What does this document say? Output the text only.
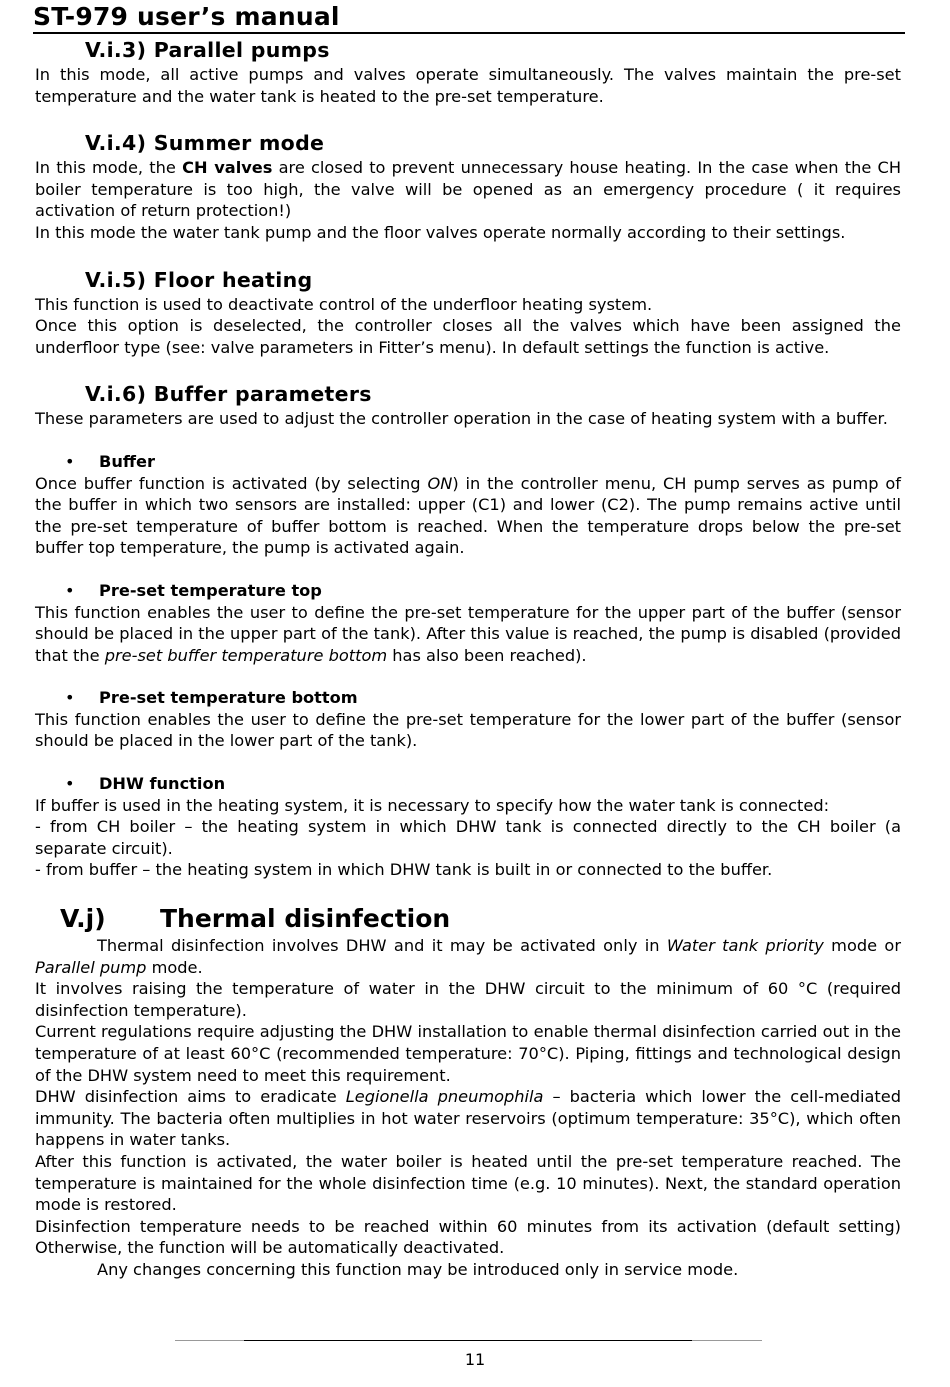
ST-979 user’s manual
V.i.3) Parallel pumps

In this mode, all active pumps and valves operate simultaneously. The valves maintain the pre-set temperature and the water tank is heated to the pre-set temperature.

V.i.4) Summer mode

In this mode, the CH valves are closed to prevent unnecessary house heating. In the case when the CH boiler temperature is too high, the valve will be opened as an emergency procedure ( it requires activation of return protection!)

In this mode the water tank pump and the floor valves operate normally according to their settings.

V.i.5) Floor heating

This function is used to deactivate control of the underfloor heating system.

Once this option is deselected, the controller closes all the valves which have been assigned the underfloor type (see: valve parameters in Fitter’s menu). In default settings the function is active.

V.i.6) Buffer parameters

These parameters are used to adjust the controller operation in the case of heating system with a buffer.

• Buffer

Once buffer function is activated (by selecting ON) in the controller menu, CH pump serves as pump of the buffer in which two sensors are installed: upper (C1) and lower (C2). The pump remains active until the pre-set temperature of buffer bottom is reached. When the temperature drops below the pre-set buffer top temperature, the pump is activated again.

• Pre-set temperature top

This function enables the user to define the pre-set temperature for the upper part of the buffer (sensor should be placed in the upper part of the tank). After this value is reached, the pump is disabled (provided that the pre-set buffer temperature bottom has also been reached).

• Pre-set temperature bottom

This function enables the user to define the pre-set temperature for the lower part of the buffer (sensor should be placed in the lower part of the tank).

• DHW function

If buffer is used in the heating system, it is necessary to specify how the water tank is connected:

- from CH boiler – the heating system in which DHW tank is connected directly to the CH boiler (a separate circuit).

- from buffer – the heating system in which DHW tank is built in or connected to the buffer.

V.j) Thermal disinfection

Thermal disinfection involves DHW and it may be activated only in Water tank priority mode or Parallel pump mode.

It involves raising the temperature of water in the DHW circuit to the minimum of 60 °C (required disinfection temperature).

Current regulations require adjusting the DHW installation to enable thermal disinfection carried out in the temperature of at least 60°C (recommended temperature: 70°C). Piping, fittings and technological design of the DHW system need to meet this requirement.

DHW disinfection aims to eradicate Legionella pneumophila – bacteria which lower the cell-mediated immunity. The bacteria often multiplies in hot water reservoirs (optimum temperature: 35°C), which often happens in water tanks.

After this function is activated, the water boiler is heated until the pre-set temperature reached. The temperature is maintained for the whole disinfection time (e.g. 10 minutes). Next, the standard operation mode is restored.

Disinfection temperature needs to be reached within 60 minutes from its activation (default setting) Otherwise, the function will be automatically deactivated.

Any changes concerning this function may be introduced only in service mode.

11
